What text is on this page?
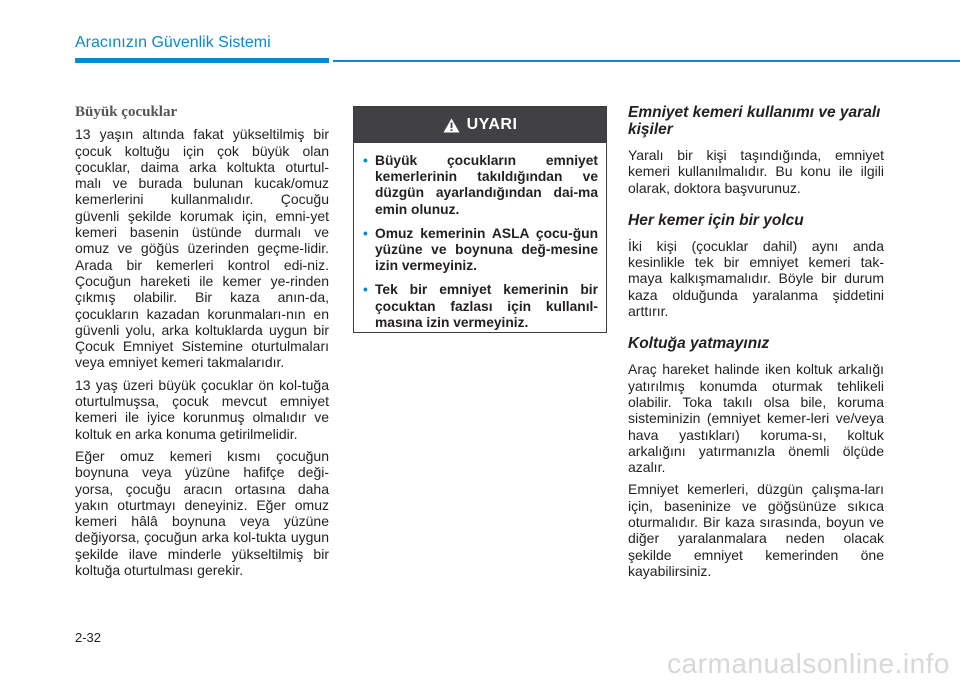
Aracınızın Güvenlik Sistemi
Büyük çocuklar

13 yaşın altında fakat yükseltilmiş bir çocuk koltuğu için çok büyük olan çocuklar, daima arka koltukta oturtul-malı ve burada bulunan kucak/omuz kemerlerini kullanmalıdır. Çocuğu güvenli şekilde korumak için, emni-yet kemeri basenin üstünde durmalı ve omuz ve göğüs üzerinden geçme-lidir. Arada bir kemerleri kontrol edi-niz. Çocuğun hareketi ile kemer ye-rinden çıkmış olabilir. Bir kaza anın-da, çocukların kazadan korunmaları-nın en güvenli yolu, arka koltuklarda uygun bir Çocuk Emniyet Sistemine oturtulmaları veya emniyet kemeri takmalarıdır.

13 yaş üzeri büyük çocuklar ön kol-tuğa oturtulmuşsa, çocuk mevcut emniyet kemeri ile iyice korunmuş olmalıdır ve koltuk en arka konuma getirilmelidir.

Eğer omuz kemeri kısmı çocuğun boynuna veya yüzüne hafifçe deği-yorsa, çocuğu aracın ortasına daha yakın oturtmayı deneyiniz. Eğer omuz kemeri hâlâ boynuna veya yüzüne değiyorsa, çocuğun arka kol-tukta uygun şekilde ilave minderle yükseltilmiş bir koltuğa oturtulması gerekir.

UYARI
• Büyük çocukların emniyet kemerlerinin takıldığından ve düzgün ayarlandığından dai-ma emin olunuz.
• Omuz kemerinin ASLA çocu-ğun yüzüne ve boynuna değ-mesine izin vermeyiniz.
• Tek bir emniyet kemerinin bir çocuktan fazlası için kullanıl-masına izin vermeyiniz.
Emniyet kemeri kullanımı ve yaralı kişiler

Yaralı bir kişi taşındığında, emniyet kemeri kullanılmalıdır. Bu konu ile ilgili olarak, doktora başvurunuz.

Her kemer için bir yolcu

İki kişi (çocuklar dahil) aynı anda kesinlikle tek bir emniyet kemeri tak-maya kalkışmamalıdır. Böyle bir durum kaza olduğunda yaralanma şiddetini arttırır.

Koltuğa yatmayınız

Araç hareket halinde iken koltuk arkalığı yatırılmış konumda oturmak tehlikeli olabilir. Toka takılı olsa bile, koruma sisteminizin (emniyet kemer-leri ve/veya hava yastıkları) koruma-sı, koltuk arkalığını yatırmanızla önemli ölçüde azalır.

Emniyet kemerleri, düzgün çalışma-ları için, baseninize ve göğsünüze sıkıca oturmalıdır. Bir kaza sırasında, boyun ve diğer yaralanmalara neden olacak şekilde emniyet kemerinden öne kayabilirsiniz.

2-32
carmanualsonline.info
